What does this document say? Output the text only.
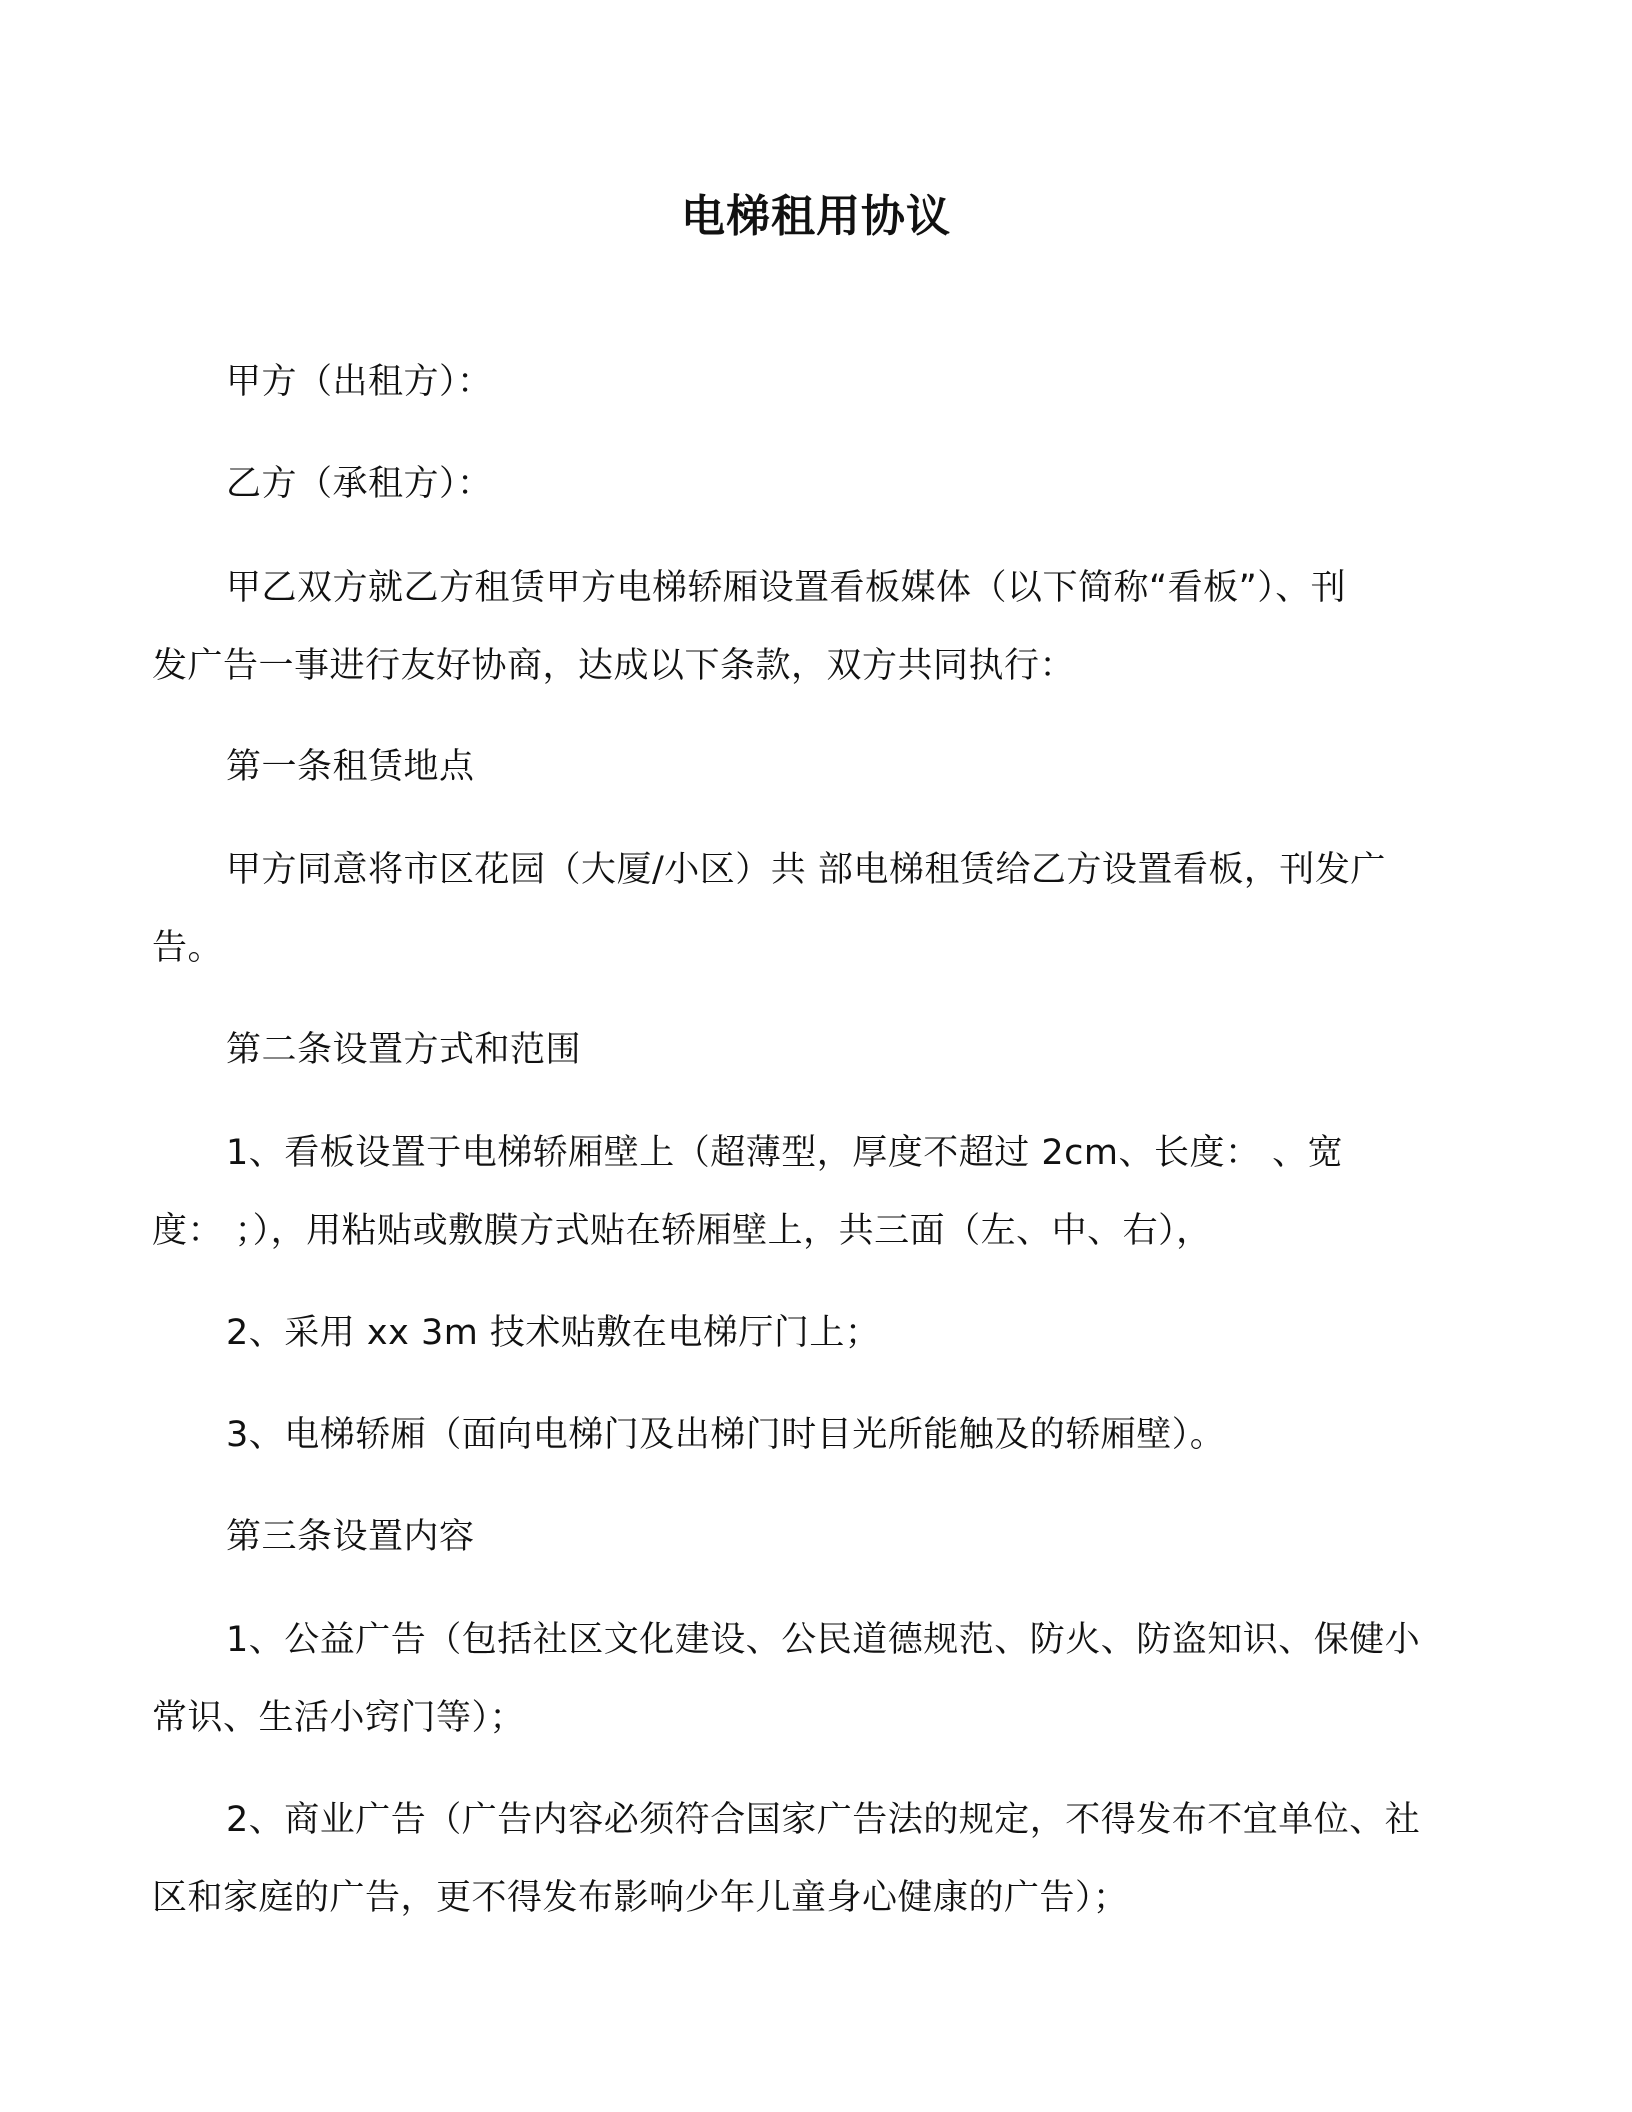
电梯租用协议
甲方（出租方）：
乙方（承租方）：
甲乙双方就乙方租赁甲方电梯轿厢设置看板媒体（以下简称“看板”）、刊
发广告一事进行友好协商，达成以下条款，双方共同执行：
第一条租赁地点
甲方同意将市区花园（大厦/小区）共 部电梯租赁给乙方设置看板，刊发广
告。
第二条设置方式和范围
1、看板设置于电梯轿厢壁上（超薄型，厚度不超过 2cm、长度： 、宽
度： ；），用粘贴或敷膜方式贴在轿厢壁上，共三面（左、中、右），
2、采用 xx 3m 技术贴敷在电梯厅门上；
3、电梯轿厢（面向电梯门及出梯门时目光所能触及的轿厢壁）。
第三条设置内容
1、公益广告（包括社区文化建设、公民道德规范、防火、防盗知识、保健小
常识、生活小窍门等）；
2、商业广告（广告内容必须符合国家广告法的规定，不得发布不宜单位、社
区和家庭的广告，更不得发布影响少年儿童身心健康的广告）；
